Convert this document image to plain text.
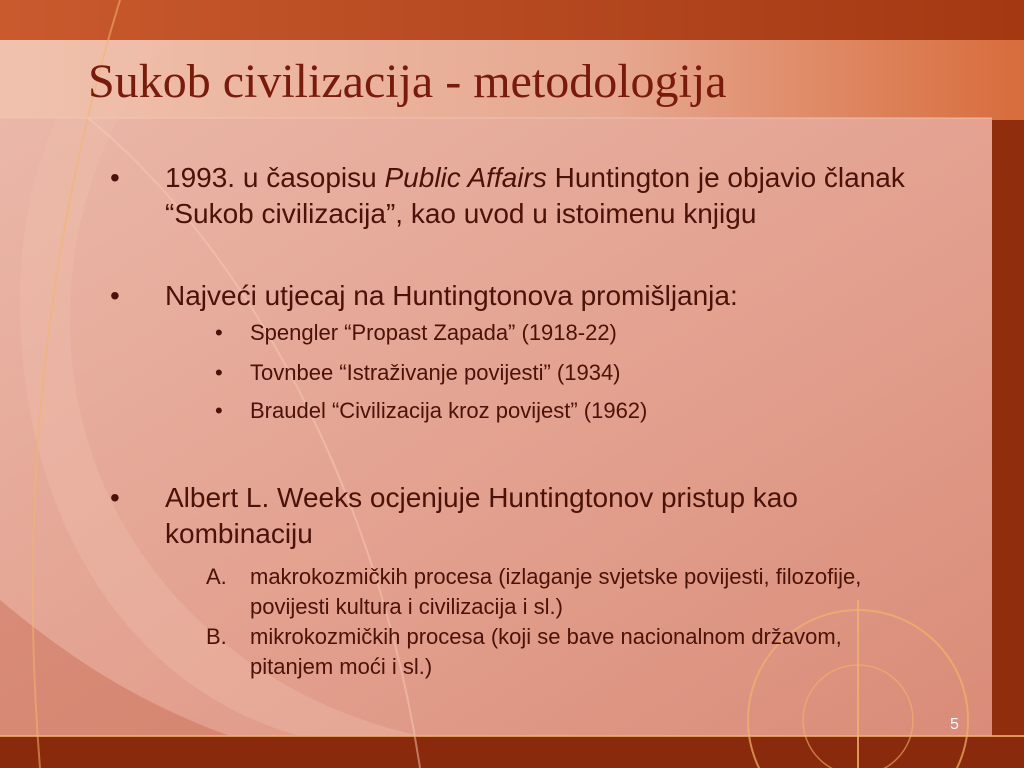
Sukob civilizacija - metodologija
• 1993. u časopisu Public Affairs Huntington je objavio članak “Sukob civilizacija”, kao uvod u istoimenu knjigu
• Najveći utjecaj na Huntingtonova promišljanja:
• Spengler “Propast Zapada” (1918-22)
• Tovnbee “Istraživanje povijesti” (1934)
• Braudel “Civilizacija kroz povijest” (1962)
• Albert L. Weeks ocjenjuje Huntingtonov pristup kao kombinaciju
A. makrokozmičkih procesa (izlaganje svjetske povijesti, filozofije, povijesti kultura i civilizacija i sl.)
B. mikrokozmičkih procesa (koji se bave nacionalnom državom, pitanjem moći i sl.)
5
